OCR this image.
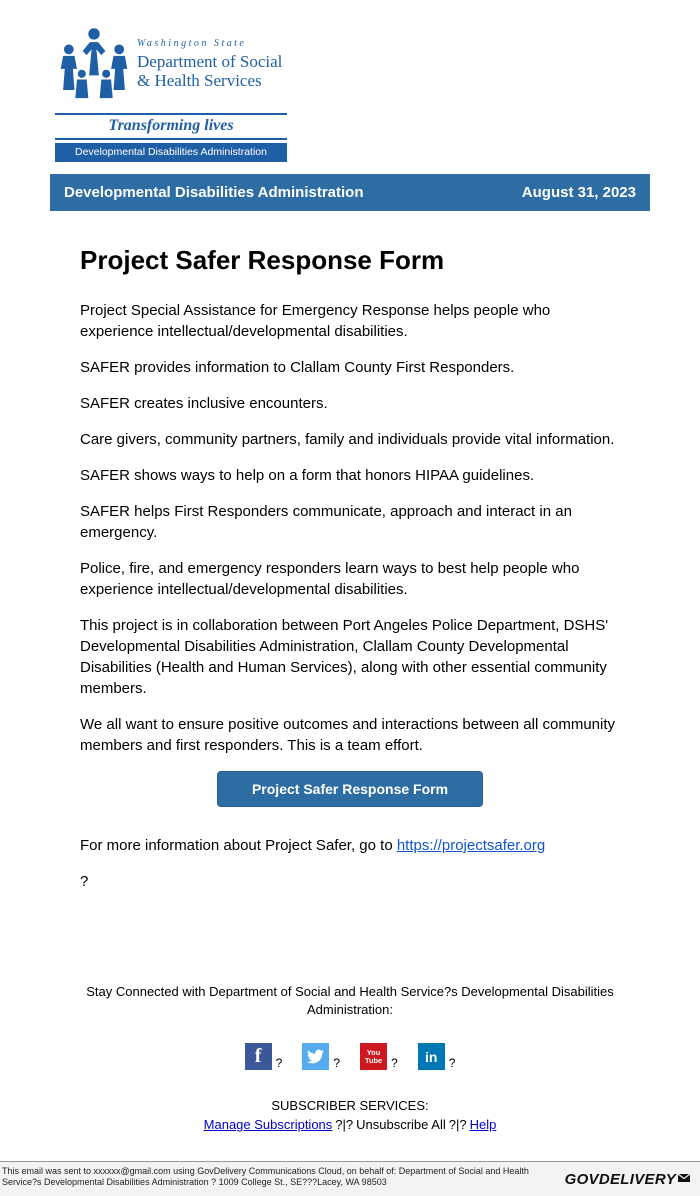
Washington State
Department of Social
& Health Services
Transforming lives
Developmental Disabilities Administration
Developmental Disabilities Administration	August 31, 2023
Project Safer Response Form

Project Special Assistance for Emergency Response helps people who experience intellectual/developmental disabilities.

SAFER provides information to Clallam County First Responders.

SAFER creates inclusive encounters.

Care givers, community partners, family and individuals provide vital information.

SAFER shows ways to help on a form that honors HIPAA guidelines.

SAFER helps First Responders communicate, approach and interact in an emergency.

Police, fire, and emergency responders learn ways to best help people who experience intellectual/developmental disabilities.

This project is in collaboration between Port Angeles Police Department, DSHS' Developmental Disabilities Administration, Clallam County Developmental Disabilities (Health and Human Services), along with other essential community members.

We all want to ensure positive outcomes and interactions between all community members and first responders. This is a team effort.

Project Safer Response Form

For more information about Project Safer, go to https://projectsafer.org

?

Stay Connected with Department of Social and Health Service?s Developmental Disabilities Administration:
f	?	?
You
Tube ?	in ?
SUBSCRIBER SERVICES:
Manage Subscriptions ?|? Unsubscribe All ?|? Help
This email was sent to xxxxxx@gmail.com using GovDelivery Communications Cloud, on behalf of: Department of Social and Health Service?s Developmental Disabilities Administration ? 1009 College St., SE???Lacey, WA 98503	GOVDELIVERY
